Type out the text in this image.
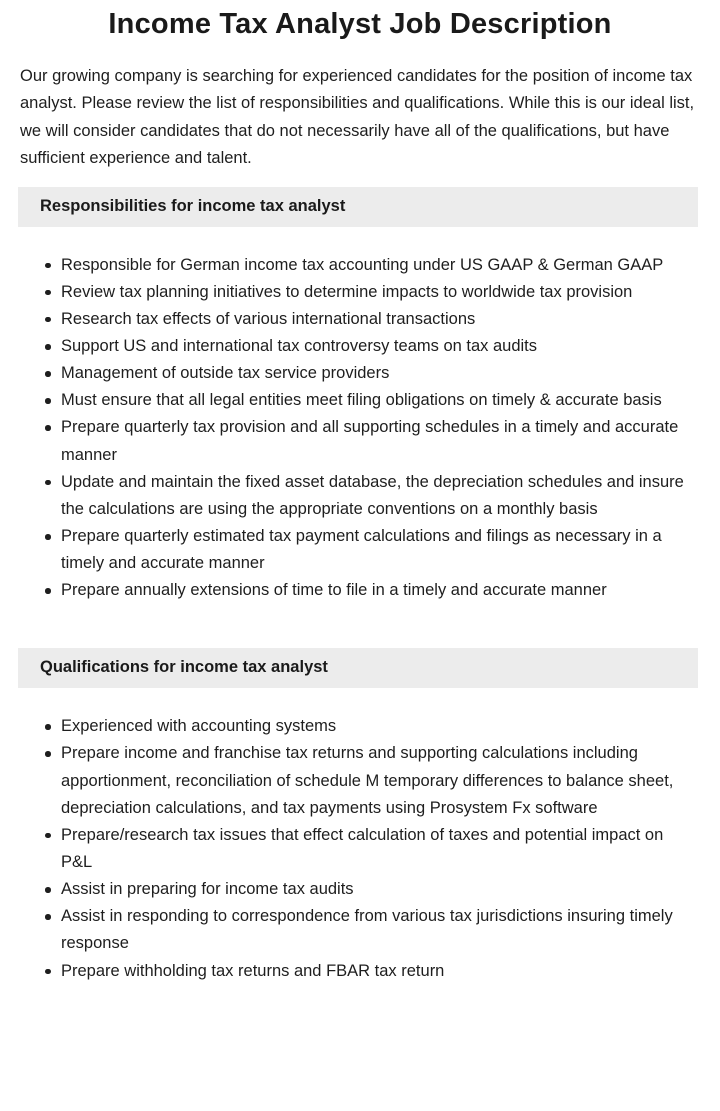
Income Tax Analyst Job Description

Our growing company is searching for experienced candidates for the position of income tax analyst. Please review the list of responsibilities and qualifications. While this is our ideal list, we will consider candidates that do not necessarily have all of the qualifications, but have sufficient experience and talent.

Responsibilities for income tax analyst
Responsible for German income tax accounting under US GAAP & German GAAP
Review tax planning initiatives to determine impacts to worldwide tax provision
Research tax effects of various international transactions
Support US and international tax controversy teams on tax audits
Management of outside tax service providers
Must ensure that all legal entities meet filing obligations on timely & accurate basis
Prepare quarterly tax provision and all supporting schedules in a timely and accurate manner
Update and maintain the fixed asset database, the depreciation schedules and insure the calculations are using the appropriate conventions on a monthly basis
Prepare quarterly estimated tax payment calculations and filings as necessary in a timely and accurate manner
Prepare annually extensions of time to file in a timely and accurate manner
Qualifications for income tax analyst
Experienced with accounting systems
Prepare income and franchise tax returns and supporting calculations including apportionment, reconciliation of schedule M temporary differences to balance sheet, depreciation calculations, and tax payments using Prosystem Fx software
Prepare/research tax issues that effect calculation of taxes and potential impact on P&L
Assist in preparing for income tax audits
Assist in responding to correspondence from various tax jurisdictions insuring timely response
Prepare withholding tax returns and FBAR tax return
